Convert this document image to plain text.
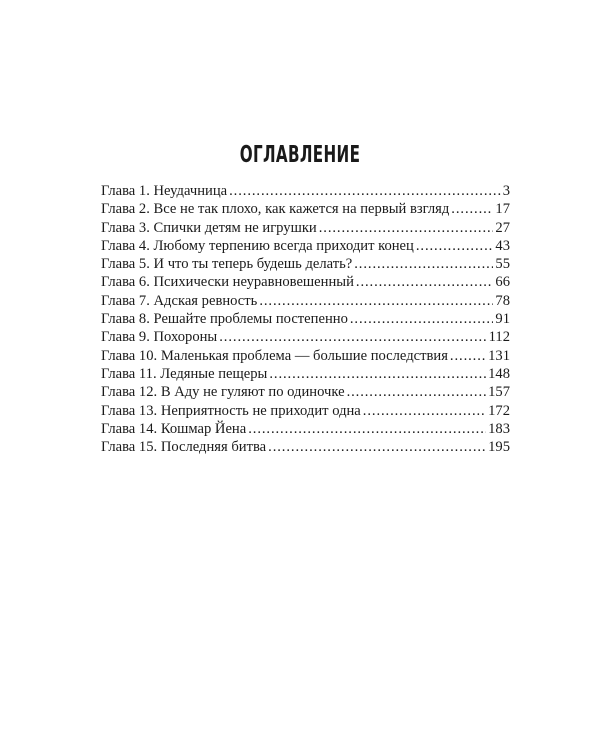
ОГЛАВЛЕНИЕ
Глава 1. Неудачница .....	3
Глава 2. Все не так плохо, как кажется на первый взгляд .....	17
Глава 3. Спички детям не игрушки .....	27
Глава 4. Любому терпению всегда приходит конец .....	43
Глава 5. И что ты теперь будешь делать? .....	55
Глава 6. Психически неуравновешенный .....	66
Глава 7. Адская ревность .....	78
Глава 8. Решайте проблемы постепенно .....	91
Глава 9. Похороны .....	112
Глава 10. Маленькая проблема — большие последствия .....	131
Глава 11. Ледяные пещеры .....	148
Глава 12. В Аду не гуляют по одиночке .....	157
Глава 13. Неприятность не приходит одна .....	172
Глава 14. Кошмар Йена .....	183
Глава 15. Последняя битва .....	195
